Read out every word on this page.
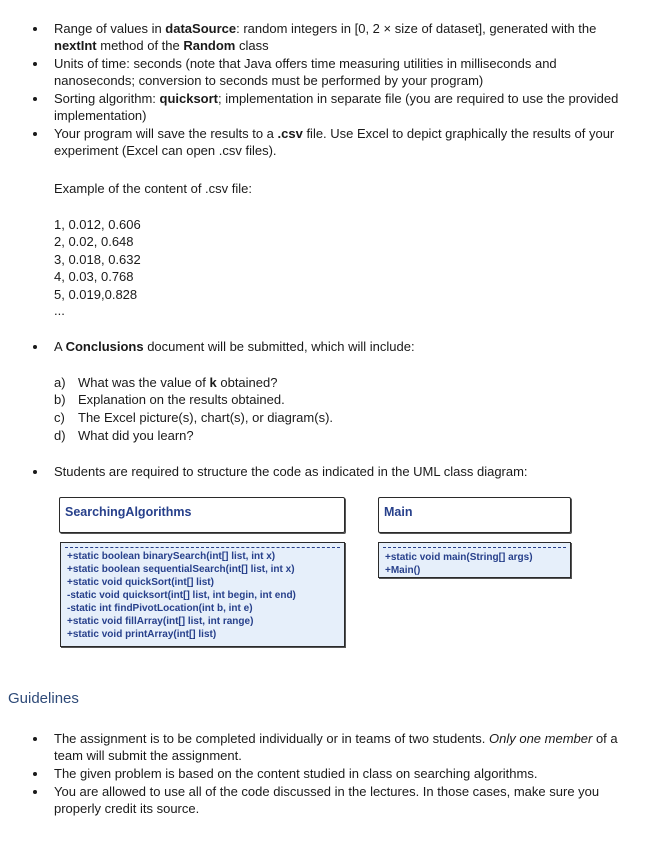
Range of values in dataSource: random integers in [0, 2 × size of dataset], generated with the nextInt method of the Random class
Units of time: seconds (note that Java offers time measuring utilities in milliseconds and nanoseconds; conversion to seconds must be performed by your program)
Sorting algorithm: quicksort; implementation in separate file (you are required to use the provided implementation)
Your program will save the results to a .csv file. Use Excel to depict graphically the results of your experiment (Excel can open .csv files).
Example of the content of .csv file:
1, 0.012, 0.606
2, 0.02, 0.648
3, 0.018, 0.632
4, 0.03, 0.768
5, 0.019,0.828
...
A Conclusions document will be submitted, which will include:
a) What was the value of k obtained?
b) Explanation on the results obtained.
c) The Excel picture(s), chart(s), or diagram(s).
d) What did you learn?
Students are required to structure the code as indicated in the UML class diagram:
SearchingAlgorithms
+static boolean binarySearch(int[] list, int x)
+static boolean sequentialSearch(int[] list, int x)
+static void quickSort(int[] list)
-static void quicksort(int[] list, int begin, int end)
-static int findPivotLocation(int b, int e)
+static void fillArray(int[] list, int range)
+static void printArray(int[] list)
Main
+static void main(String[] args)
+Main()
Guidelines
The assignment is to be completed individually or in teams of two students. Only one member of a team will submit the assignment.
The given problem is based on the content studied in class on searching algorithms.
You are allowed to use all of the code discussed in the lectures. In those cases, make sure you properly credit its source.
